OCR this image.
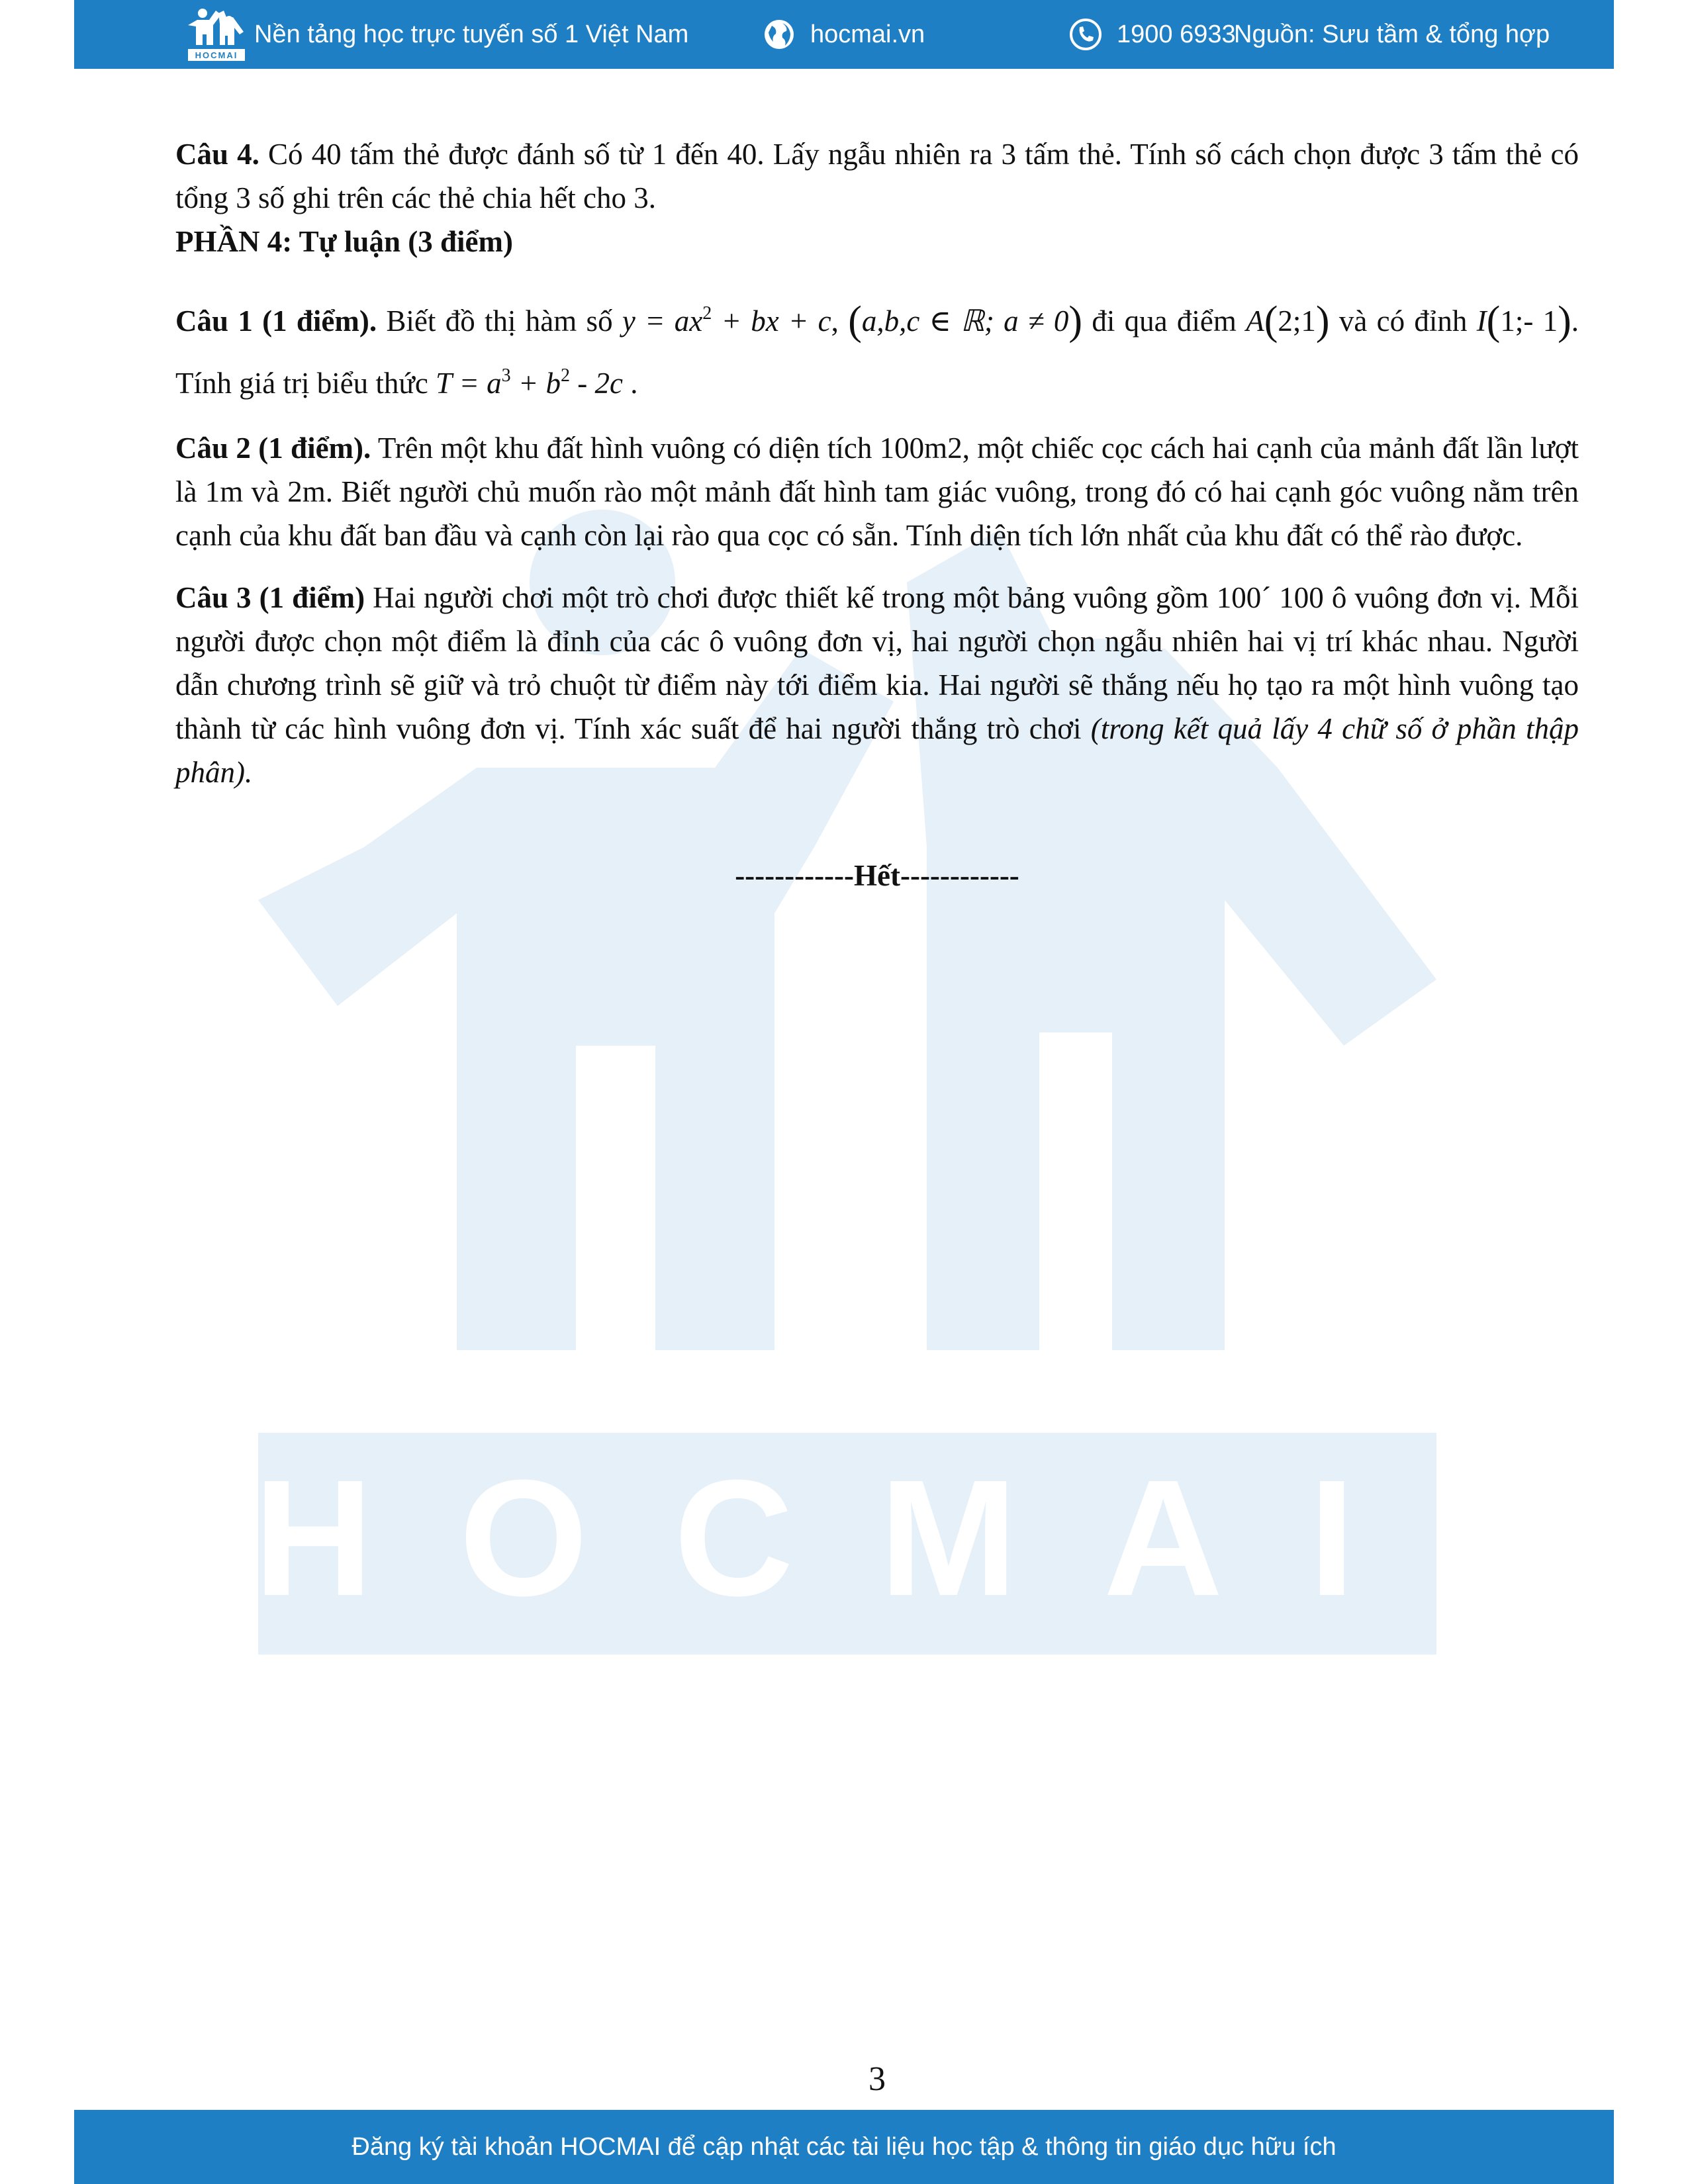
HOCMAI
HOCMAI
Nền tảng học trực tuyến số 1 Việt Nam	hocmai.vn	1900 6933
Nguồn: Sưu tầm & tổng hợp

Câu 4. Có 40 tấm thẻ được đánh số từ 1 đến 40. Lấy ngẫu nhiên ra 3 tấm thẻ. Tính số cách chọn được 3 tấm thẻ có tổng 3 số ghi trên các thẻ chia hết cho 3.

PHẦN 4: Tự luận (3 điểm)

Câu 1 (1 điểm). Biết đồ thị hàm số $y = ax^2$ + bx + c, (a,b,c ∈ ℝ; a ≠ 0) đi qua điểm A(2;1) và có đỉnh I(1;- 1). Tính giá trị biểu thức $T = a^3 + b^2 - 2c$ .

Câu 2 (1 điểm). Trên một khu đất hình vuông có diện tích 100m2, một chiếc cọc cách hai cạnh của mảnh đất lần lượt là 1m và 2m. Biết người chủ muốn rào một mảnh đất hình tam giác vuông, trong đó có hai cạnh góc vuông nằm trên cạnh của khu đất ban đầu và cạnh còn lại rào qua cọc có sẵn. Tính diện tích lớn nhất của khu đất có thể rào được.

Câu 3 (1 điểm) Hai người chơi một trò chơi được thiết kế trong một bảng vuông gồm 100´ 100 ô vuông đơn vị. Mỗi người được chọn một điểm là đỉnh của các ô vuông đơn vị, hai người chọn ngẫu nhiên hai vị trí khác nhau. Người dẫn chương trình sẽ giữ và trỏ chuột từ điểm này tới điểm kia. Hai người sẽ thắng nếu họ tạo ra một hình vuông tạo thành từ các hình vuông đơn vị. Tính xác suất để hai người thắng trò chơi (trong kết quả lấy 4 chữ số ở phần thập phân).

------------Hết------------

3
Đăng ký tài khoản HOCMAI để cập nhật các tài liệu học tập & thông tin giáo dục hữu ích
